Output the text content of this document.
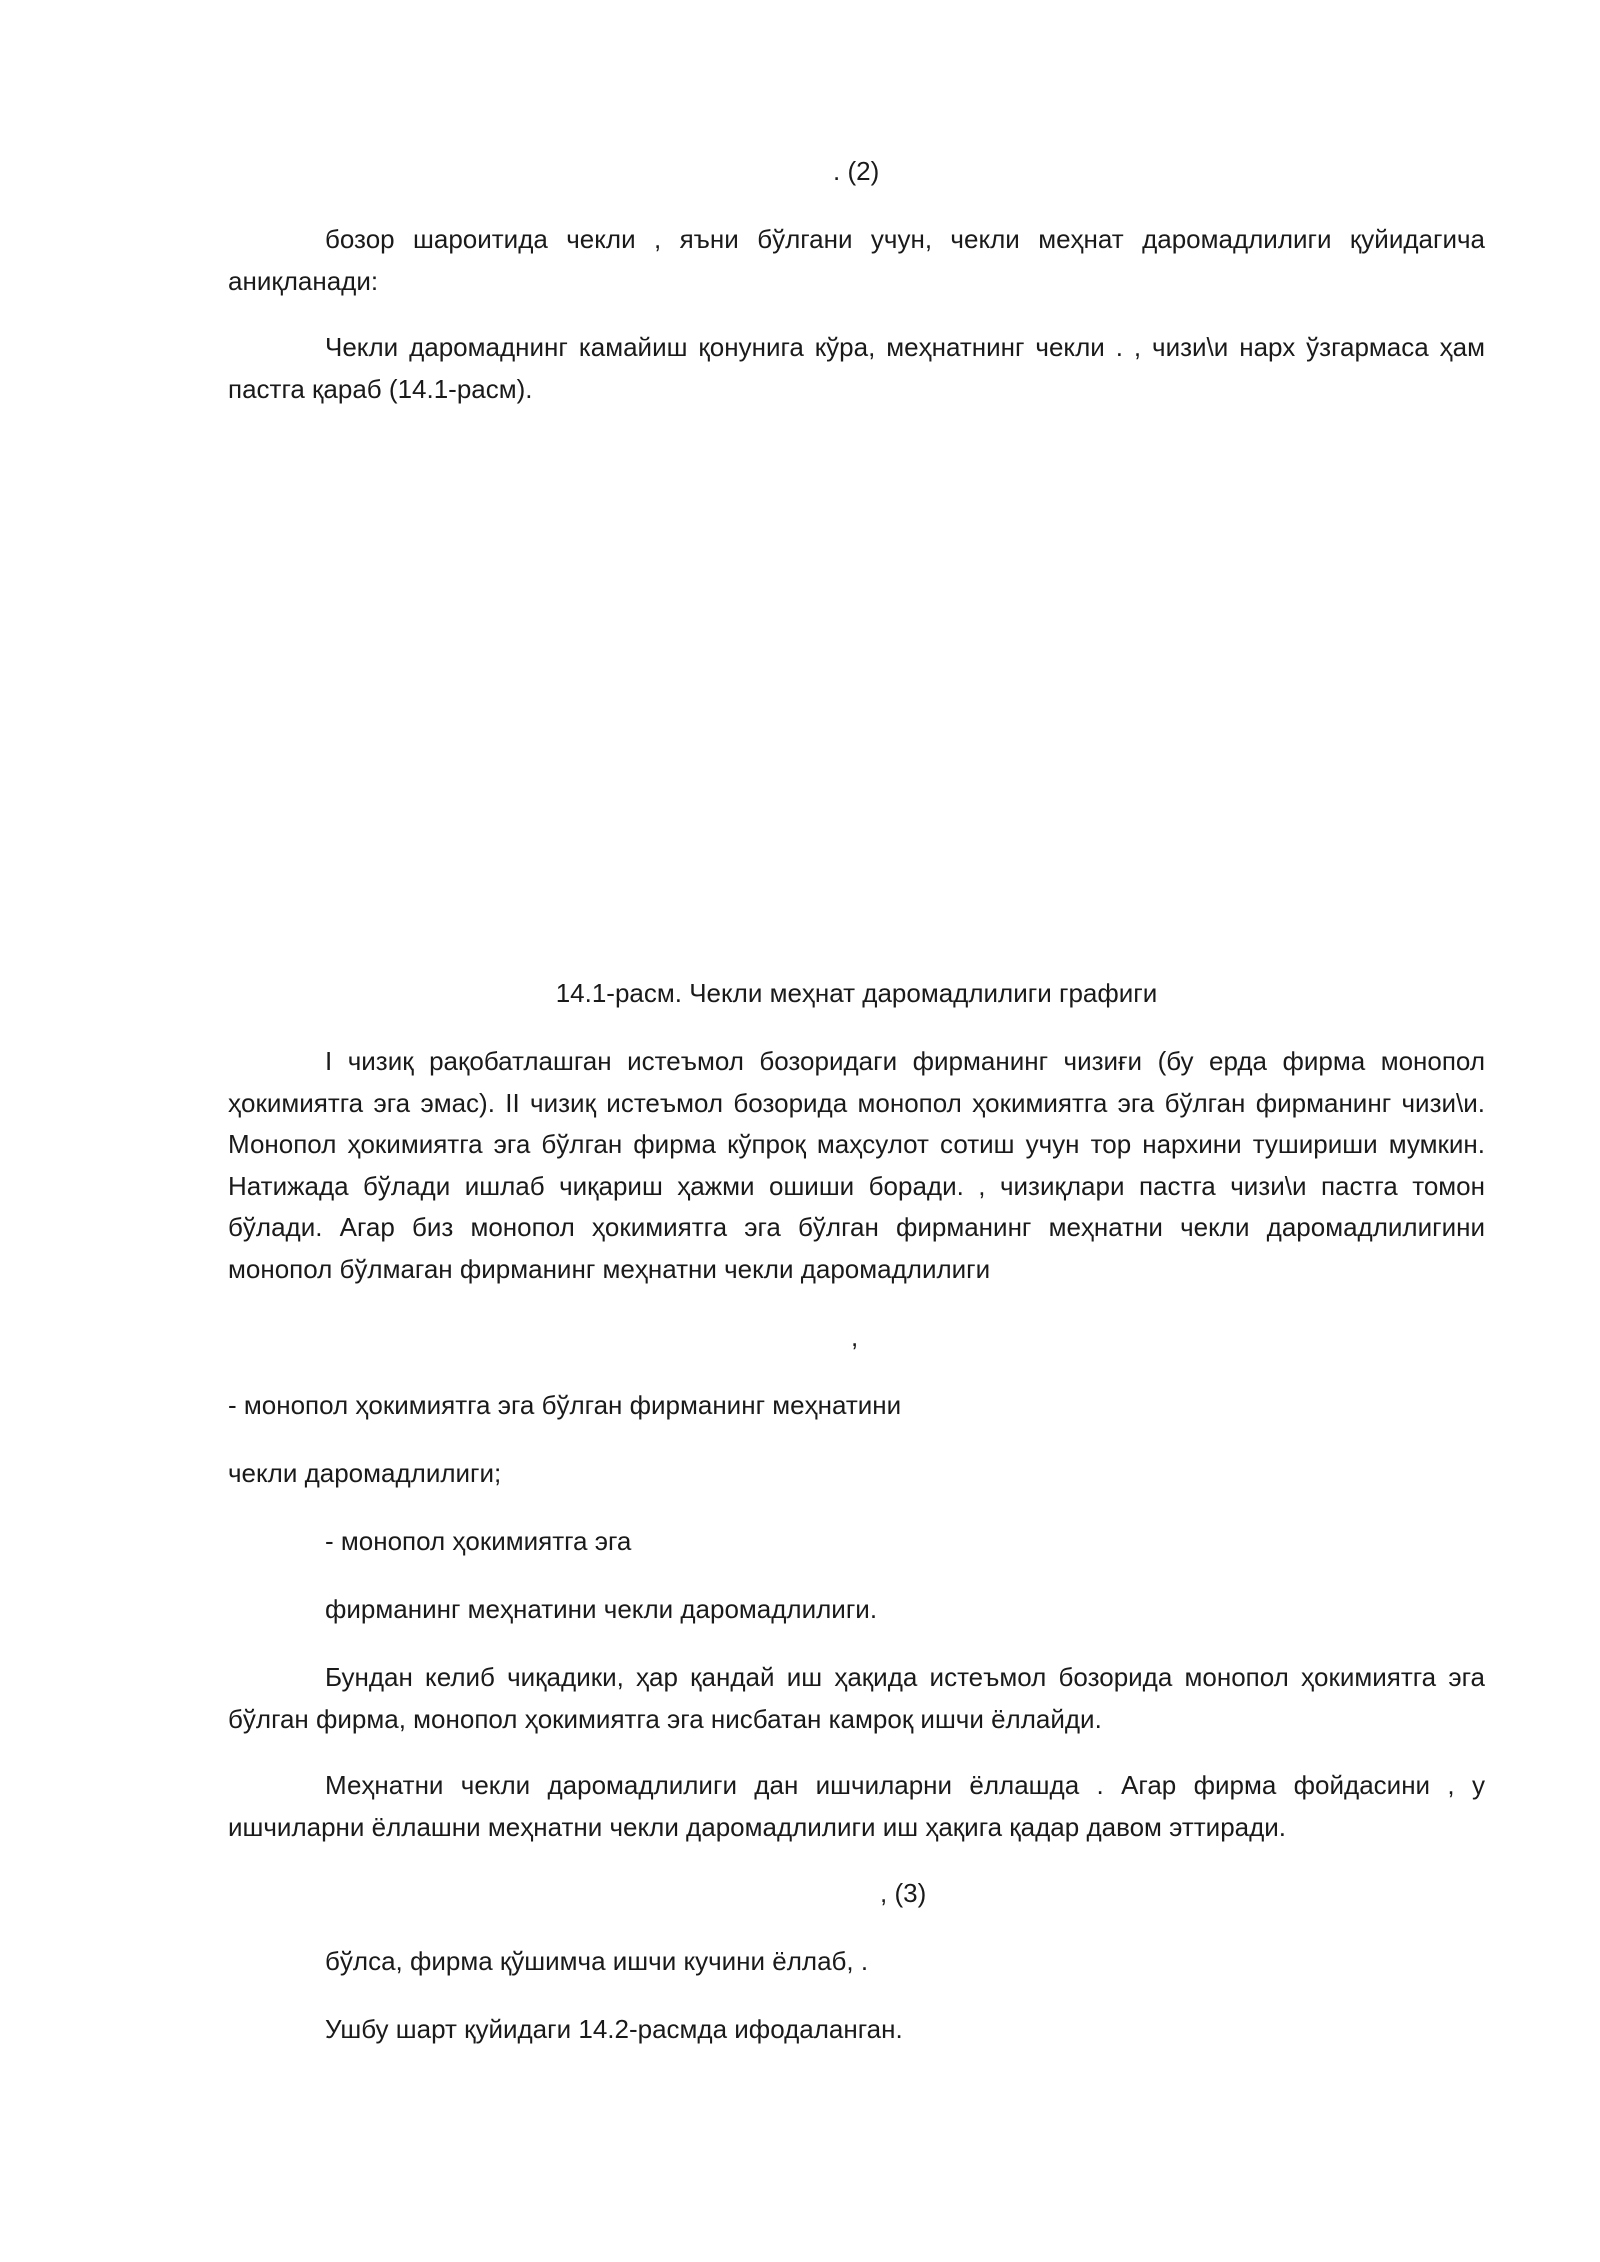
. (2)

бозор шароитида чекли , яъни бўлгани учун, чекли меҳнат даромадлилиги қуйидагича аниқланади:

Чекли даромаднинг камайиш қонунига кўра, меҳнатнинг чекли . , чизи\и нарх ўзгармаса ҳам пастга қараб (14.1-расм).

14.1-расм. Чекли меҳнат даромадлилиги графиги

I чизиқ рақобатлашган истеъмол бозоридаги фирманинг чизиғи (бу ерда фирма монопол ҳокимиятга эга эмас). II чизиқ истеъмол бозорида монопол ҳокимиятга эга бўлган фирманинг чизи\и. Монопол ҳокимиятга эга бўлган фирма кўпроқ маҳсулот сотиш учун тор нархини тушириши мумкин. Натижада бўлади ишлаб чиқариш ҳажми ошиши боради. , чизиқлари пастга чизи\и пастга томон бўлади. Агар биз монопол ҳокимиятга эга бўлган фирманинг меҳнатни чекли даромадлилигини монопол бўлмаган фирманинг меҳнатни чекли даромадлилиги

,

- монопол ҳокимиятга эга бўлган фирманинг меҳнатини

чекли даромадлилиги;

- монопол ҳокимиятга эга

фирманинг меҳнатини чекли даромадлилиги.

Бундан келиб чиқадики, ҳар қандай иш ҳақида истеъмол бозорида монопол ҳокимиятга эга бўлган фирма, монопол ҳокимиятга эга нисбатан камроқ ишчи ёллайди.

Меҳнатни чекли даромадлилиги дан ишчиларни ёллашда . Агар фирма фойдасини , у ишчиларни ёллашни меҳнатни чекли даромадлилиги иш ҳақига қадар давом эттиради.

, (3)

бўлса, фирма қўшимча ишчи кучини ёллаб, .

Ушбу шарт қуйидаги 14.2-расмда ифодаланган.
